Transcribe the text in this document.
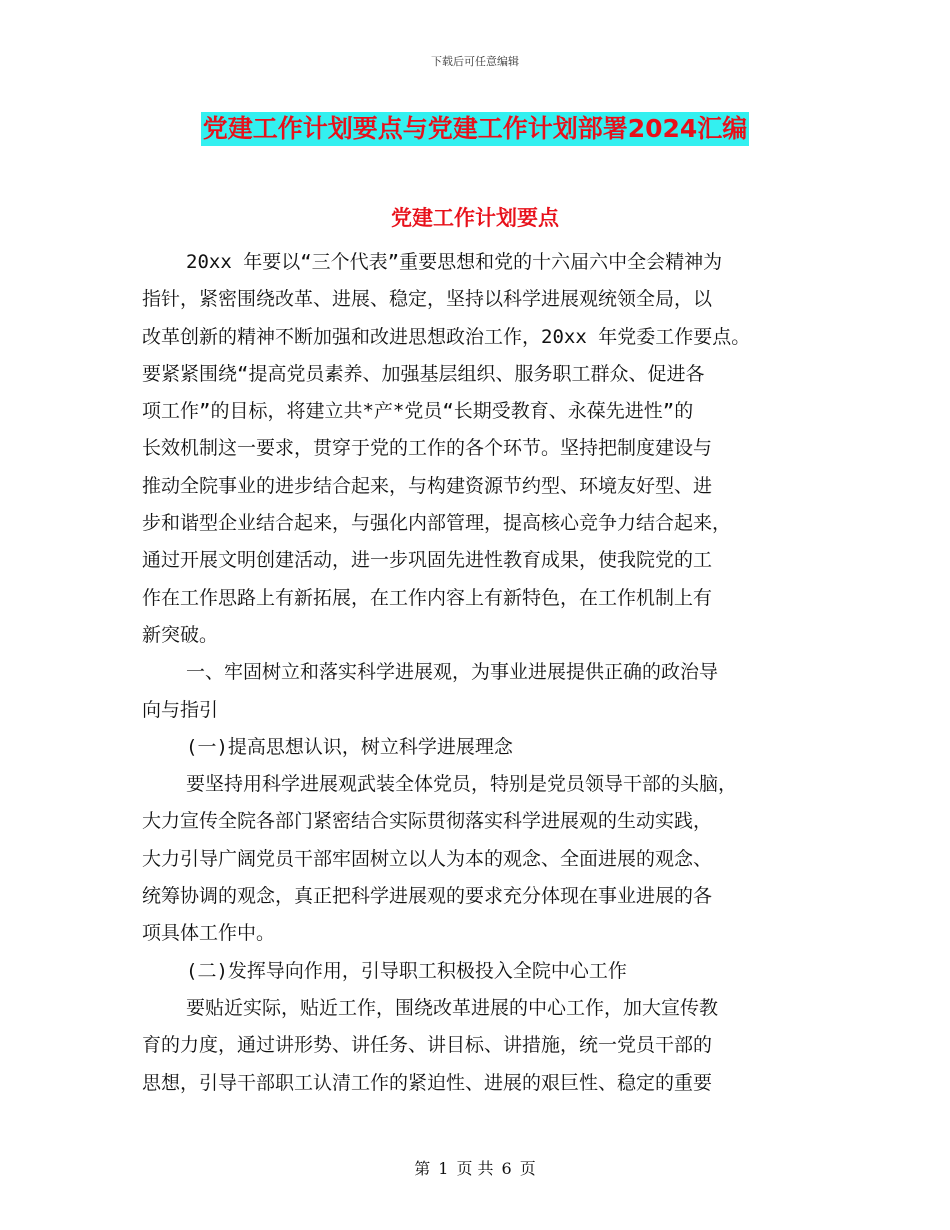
下载后可任意编辑
党建工作计划要点与党建工作计划部署2024汇编
党建工作计划要点
20xx 年要以“三个代表”重要思想和党的十六届六中全会精神为
指针，紧密围绕改革、进展、稳定，坚持以科学进展观统领全局，以
改革创新的精神不断加强和改进思想政治工作，20xx 年党委工作要点。
要紧紧围绕“提高党员素养、加强基层组织、服务职工群众、促进各
项工作”的目标，将建立共*产*党员“长期受教育、永葆先进性”的
长效机制这一要求，贯穿于党的工作的各个环节。坚持把制度建设与
推动全院事业的进步结合起来，与构建资源节约型、环境友好型、进
步和谐型企业结合起来，与强化内部管理，提高核心竞争力结合起来，
通过开展文明创建活动，进一步巩固先进性教育成果，使我院党的工
作在工作思路上有新拓展，在工作内容上有新特色，在工作机制上有
新突破。
一、牢固树立和落实科学进展观，为事业进展提供正确的政治导
向与指引
(一)提高思想认识，树立科学进展理念
要坚持用科学进展观武装全体党员，特别是党员领导干部的头脑，
大力宣传全院各部门紧密结合实际贯彻落实科学进展观的生动实践，
大力引导广阔党员干部牢固树立以人为本的观念、全面进展的观念、
统筹协调的观念，真正把科学进展观的要求充分体现在事业进展的各
项具体工作中。
(二)发挥导向作用，引导职工积极投入全院中心工作
要贴近实际，贴近工作，围绕改革进展的中心工作，加大宣传教
育的力度，通过讲形势、讲任务、讲目标、讲措施，统一党员干部的
思想，引导干部职工认清工作的紧迫性、进展的艰巨性、稳定的重要
第 1 页 共 6 页
